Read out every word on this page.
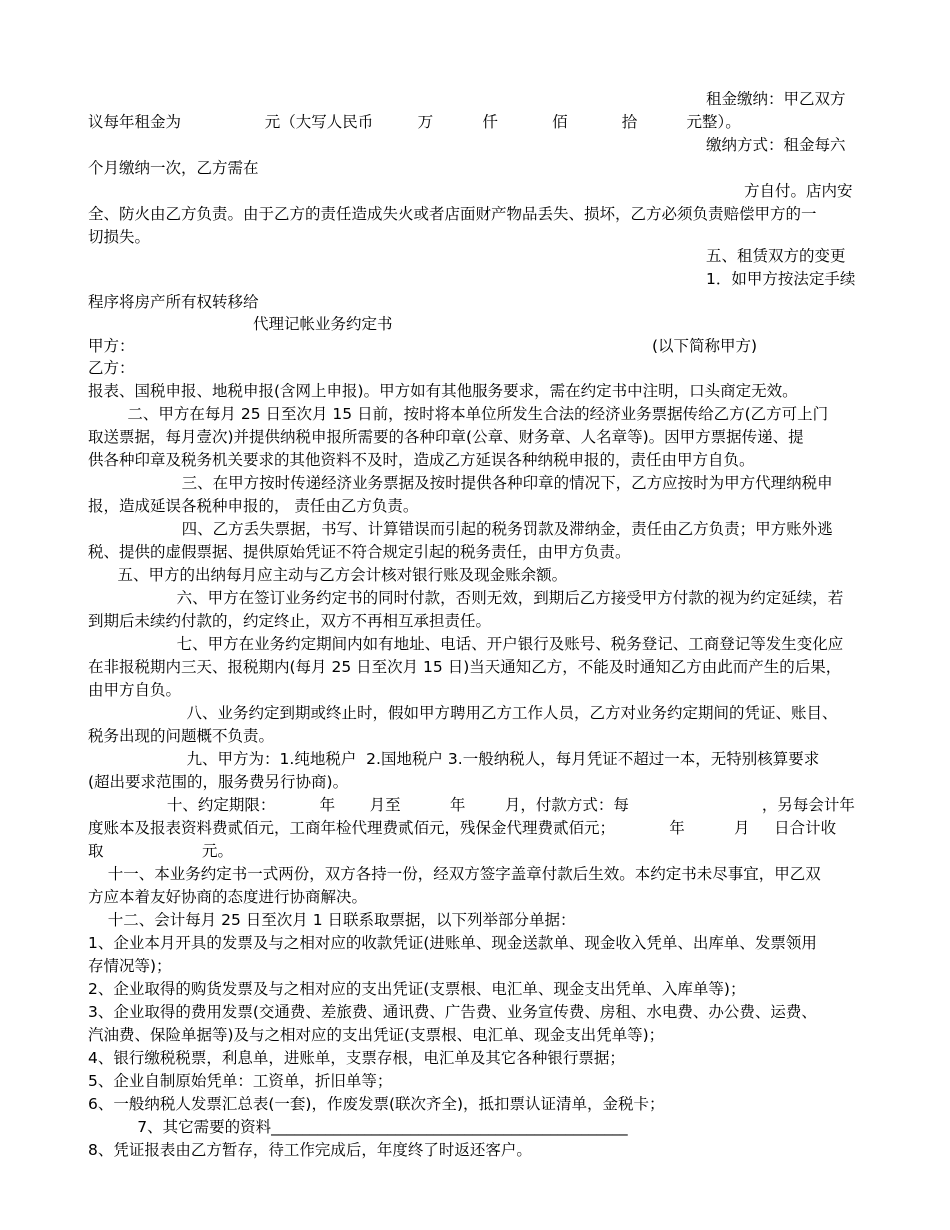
租金缴纳：甲乙双方

议每年租金为                 元（大写人民币         万          仟           佰           拾          元整）。

缴纳方式：租金每六

个月缴纳一次，乙方需在

方自付。店内安

全、防火由乙方负责。由于乙方的责任造成失火或者店面财产物品丢失、损坏，乙方必须负责赔偿甲方的一

切损失。

五、租赁双方的变更

1．如甲方按法定手续

程序将房产所有权转移给

代理记帐业务约定书

甲方：	(以下简称甲方)

乙方：

报表、国税申报、地税申报(含网上申报)。甲方如有其他服务要求，需在约定书中注明，口头商定无效。

二、甲方在每月 25 日至次月 15 日前，按时将本单位所发生合法的经济业务票据传给乙方(乙方可上门

取送票据，每月壹次)并提供纳税申报所需要的各种印章(公章、财务章、人名章等)。因甲方票据传递、提

供各种印章及税务机关要求的其他资料不及时，造成乙方延误各种纳税申报的，责任由甲方自负。

三、在甲方按时传递经济业务票据及按时提供各种印章的情况下，乙方应按时为甲方代理纳税申

报，造成延误各税种申报的， 责任由乙方负责。

四、乙方丢失票据，书写、计算错误而引起的税务罚款及滞纳金，责任由乙方负责；甲方账外逃

税、提供的虚假票据、提供原始凭证不符合规定引起的税务责任，由甲方负责。

五、甲方的出纳每月应主动与乙方会计核对银行账及现金账余额。

六、甲方在签订业务约定书的同时付款，否则无效，到期后乙方接受甲方付款的视为约定延续，若

到期后未续约付款的，约定终止，双方不再相互承担责任。

七、甲方在业务约定期间内如有地址、电话、开户银行及账号、税务登记、工商登记等发生变化应

在非报税期内三天、报税期内(每月 25 日至次月 15 日)当天通知乙方，不能及时通知乙方由此而产生的后果，

由甲方自负。

八、业务约定到期或终止时，假如甲方聘用乙方工作人员，乙方对业务约定期间的凭证、账目、

税务出现的问题概不负责。

九、甲方为：1.纯地税户  2.国地税户 3.一般纳税人，每月凭证不超过一本，无特别核算要求

(超出要求范围的，服务费另行协商)。

十、约定期限：         年       月至          年        月，付款方式：每                           ，另每会计年

度账本及报表资料费贰佰元，工商年检代理费贰佰元，残保金代理费贰佰元；           年          月     日合计收

取                    元。

十一、本业务约定书一式两份，双方各持一份，经双方签字盖章付款后生效。本约定书未尽事宜，甲乙双

方应本着友好协商的态度进行协商解决。

十二、会计每月 25 日至次月 1 日联系取票据，以下列举部分单据：

1、企业本月开具的发票及与之相对应的收款凭证(进账单、现金送款单、现金收入凭单、出库单、发票领用

存情况等)；

2、企业取得的购货发票及与之相对应的支出凭证(支票根、电汇单、现金支出凭单、入库单等)；

3、企业取得的费用发票(交通费、差旅费、通讯费、广告费、业务宣传费、房租、水电费、办公费、运费、

汽油费、保险单据等)及与之相对应的支出凭证(支票根、电汇单、现金支出凭单等)；

4、银行缴税税票，利息单，进账单，支票存根，电汇单及其它各种银行票据；

5、企业自制原始凭单：工资单，折旧单等；

6、一般纳税人发票汇总表(一套)，作废发票(联次齐全)，抵扣票认证清单，金税卡；

7、其它需要的资料______________________________________________

8、凭证报表由乙方暂存，待工作完成后，年度终了时返还客户。
